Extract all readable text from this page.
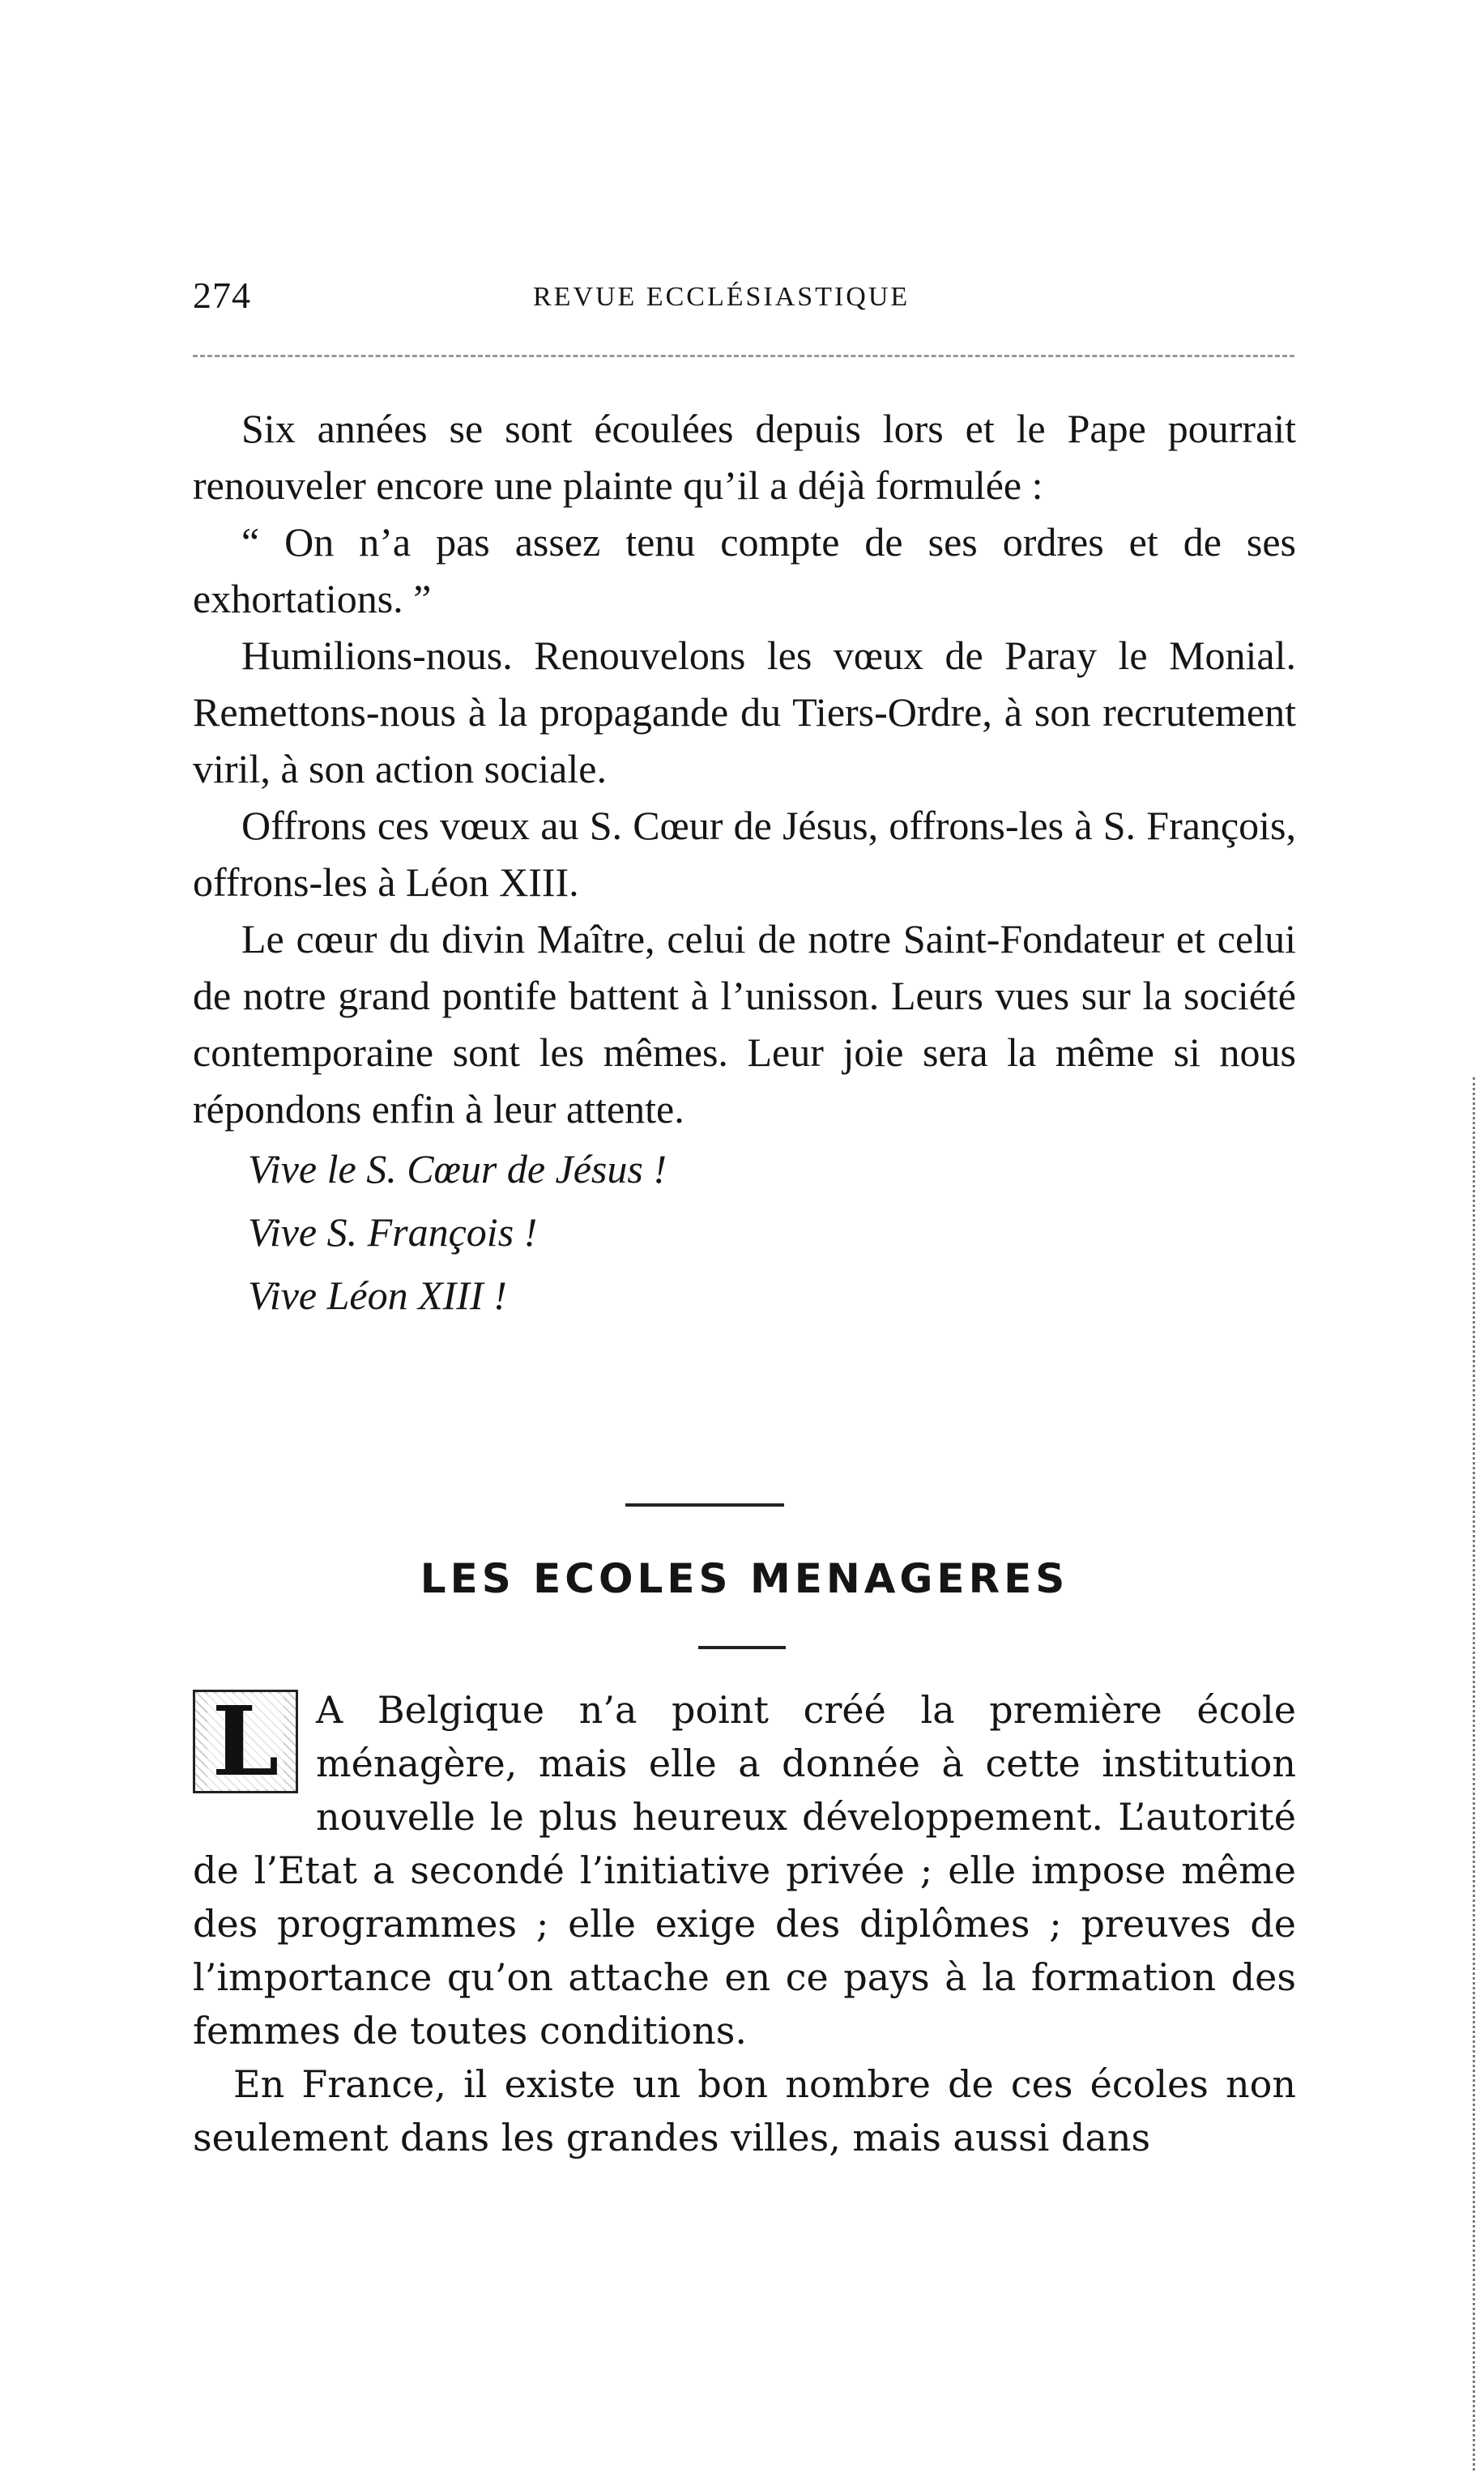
274	REVUE ECCLÉSIASTIQUE

Six années se sont écoulées depuis lors et le Pape pourrait renouveler encore une plainte qu’il a déjà formulée :

“ On n’a pas assez tenu compte de ses ordres et de ses exhortations. ”

Humilions-nous. Renouvelons les vœux de Paray le Monial. Remettons-nous à la propagande du Tiers-Ordre, à son recrutement viril, à son action sociale.

Offrons ces vœux au S. Cœur de Jésus, offrons-les à S. François, offrons-les à Léon XIII.

Le cœur du divin Maître, celui de notre Saint-Fondateur et celui de notre grand pontife battent à l’unisson. Leurs vues sur la société contemporaine sont les mêmes. Leur joie sera la même si nous répondons enfin à leur attente.

Vive le S. Cœur de Jésus !
Vive S. François !
Vive Léon XIII !
LES ECOLES MENAGERES

L A Belgique n’a point créé la première école ménagère, mais elle a donnée à cette institution nouvelle le plus heureux développement. L’autorité de l’Etat a secondé l’initiative privée ; elle impose même des programmes ; elle exige des diplômes ; preuves de l’importance qu’on attache en ce pays à la formation des femmes de toutes conditions.

En France, il existe un bon nombre de ces écoles non seulement dans les grandes villes, mais aussi dans
